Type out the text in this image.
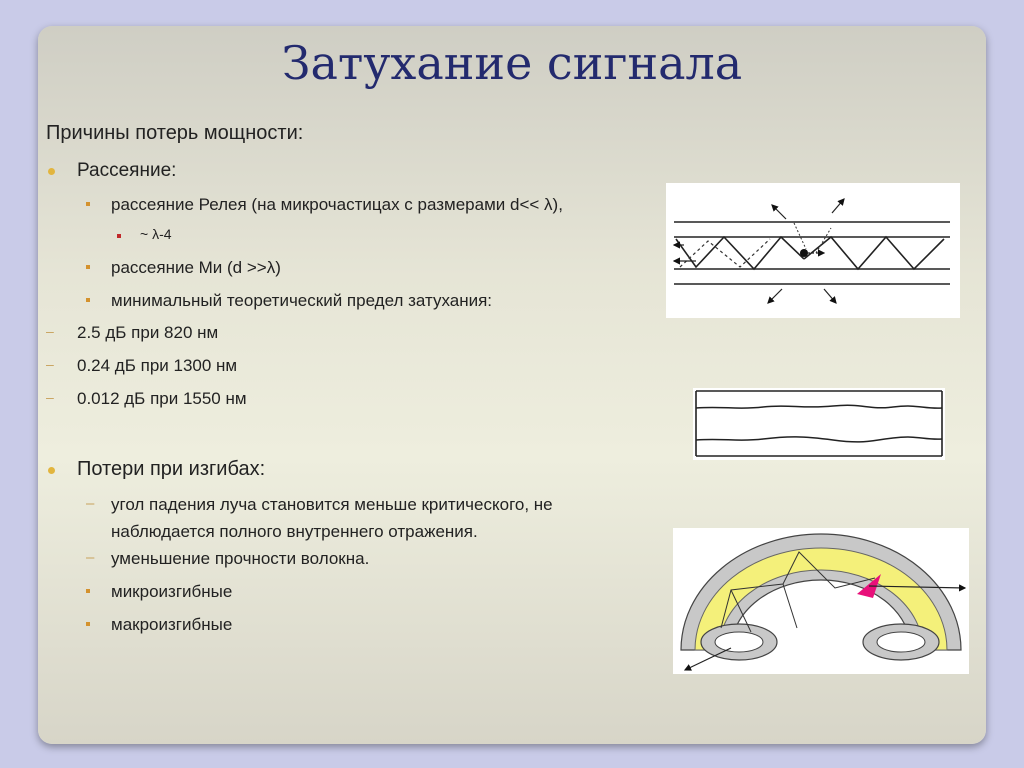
Затухание сигнала
Причины потерь мощности:
Рассеяние:
рассеяние Релея (на микрочастицах с размерами d<< λ),
~ λ-4
рассеяние Ми (d >>λ)
минимальный теоретический предел затухания:
– 2.5 дБ при 820 нм
– 0.24 дБ при 1300 нм
– 0.012 дБ при 1550 нм
Потери при изгибах:
– угол падения луча становится меньше критического, не
наблюдается полного внутреннего отражения.
– уменьшение прочности волокна.
микроизгибные
макроизгибные
